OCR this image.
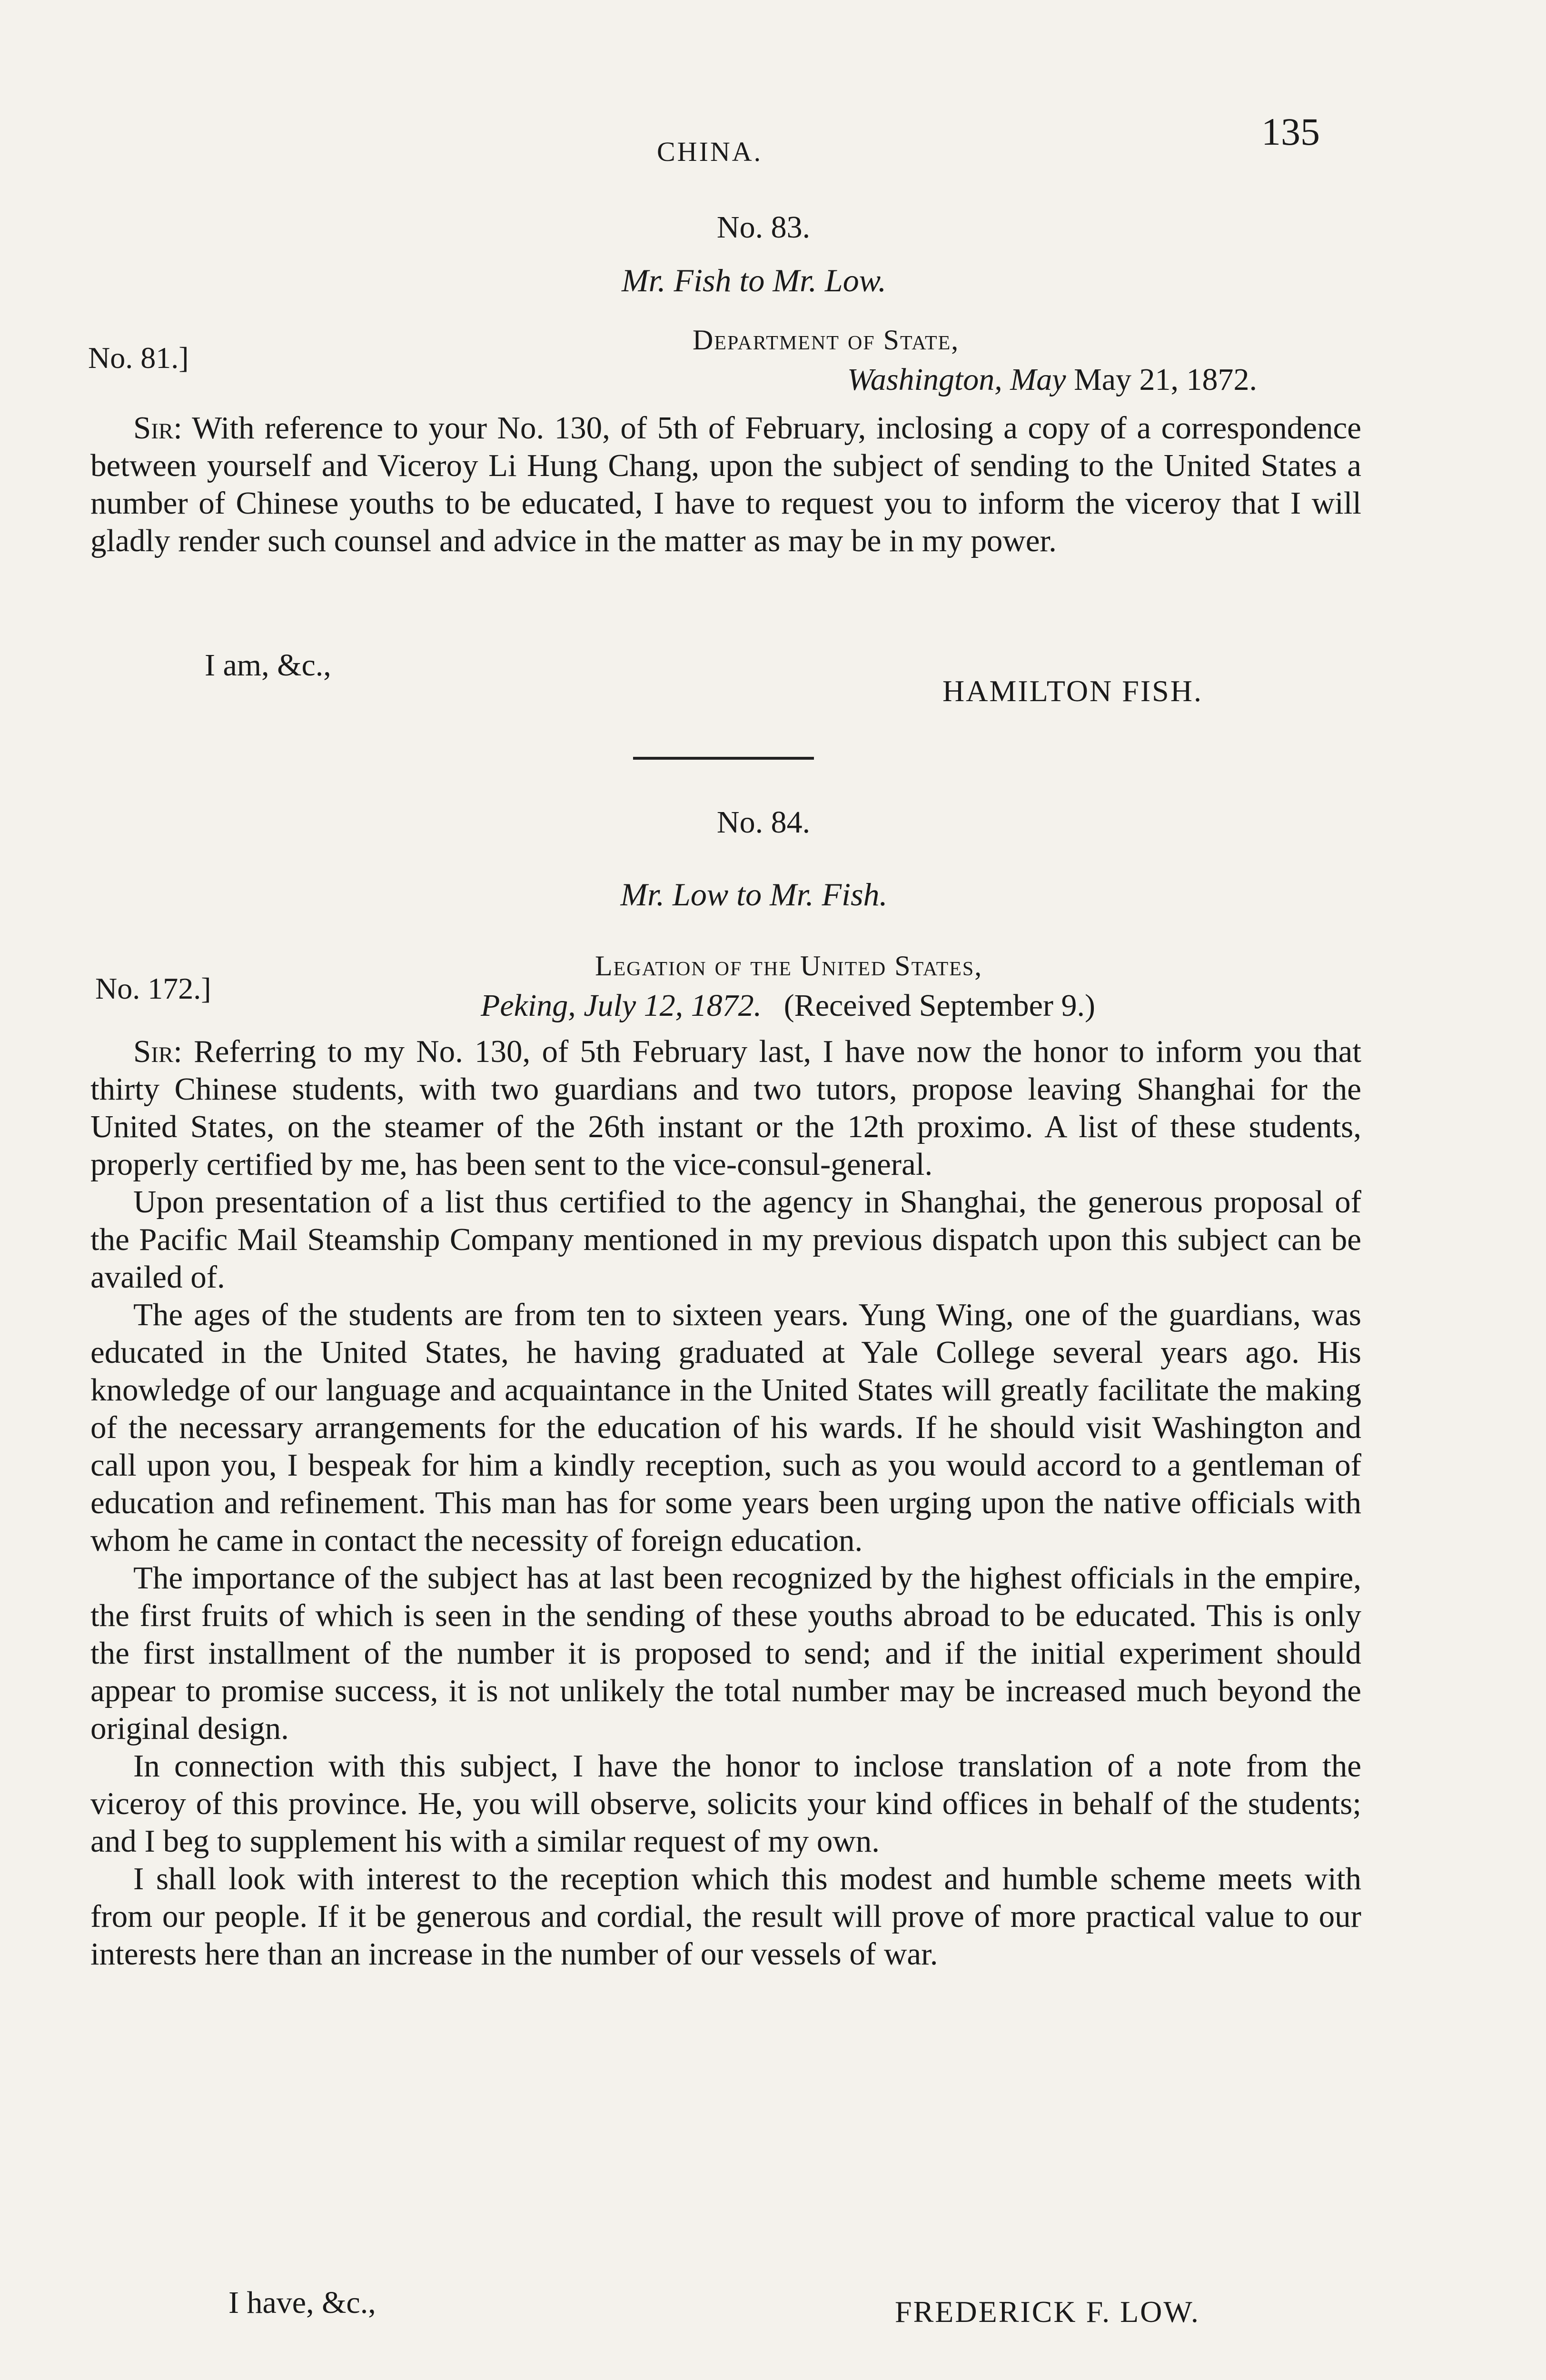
CHINA.	135
No. 83.
Mr. Fish to Mr. Low.
No. 81.]
Department of State,
Washington, May May 21, 1872.

Sir: With reference to your No. 130, of 5th of February, inclosing a copy of a correspondence between yourself and Viceroy Li Hung Chang, upon the subject of sending to the United States a number of Chinese youths to be educated, I have to request you to inform the viceroy that I will gladly render such counsel and advice in the matter as may be in my power.

I am, &c.,
HAMILTON FISH.
No. 84.
Mr. Low to Mr. Fish.
No. 172.]
Legation of the United States,
Peking, July 12, 1872. (Received September 9.)

Sir: Referring to my No. 130, of 5th February last, I have now the honor to inform you that thirty Chinese students, with two guardians and two tutors, propose leaving Shanghai for the United States, on the steamer of the 26th instant or the 12th proximo. A list of these students, properly certified by me, has been sent to the vice-consul-general.

Upon presentation of a list thus certified to the agency in Shanghai, the generous proposal of the Pacific Mail Steamship Company mentioned in my previous dispatch upon this subject can be availed of.

The ages of the students are from ten to sixteen years. Yung Wing, one of the guardians, was educated in the United States, he having graduated at Yale College several years ago. His knowledge of our language and acquaintance in the United States will greatly facilitate the making of the necessary arrangements for the education of his wards. If he should visit Washington and call upon you, I bespeak for him a kindly reception, such as you would accord to a gentleman of education and refinement. This man has for some years been urging upon the native officials with whom he came in contact the necessity of foreign education.

The importance of the subject has at last been recognized by the highest officials in the empire, the first fruits of which is seen in the sending of these youths abroad to be educated. This is only the first installment of the number it is proposed to send; and if the initial experiment should appear to promise success, it is not unlikely the total number may be increased much beyond the original design.

In connection with this subject, I have the honor to inclose translation of a note from the viceroy of this province. He, you will observe, solicits your kind offices in behalf of the students; and I beg to supplement his with a similar request of my own.

I shall look with interest to the reception which this modest and humble scheme meets with from our people. If it be generous and cordial, the result will prove of more practical value to our interests here than an increase in the number of our vessels of war.

I have, &c.,	FREDERICK F. LOW.
